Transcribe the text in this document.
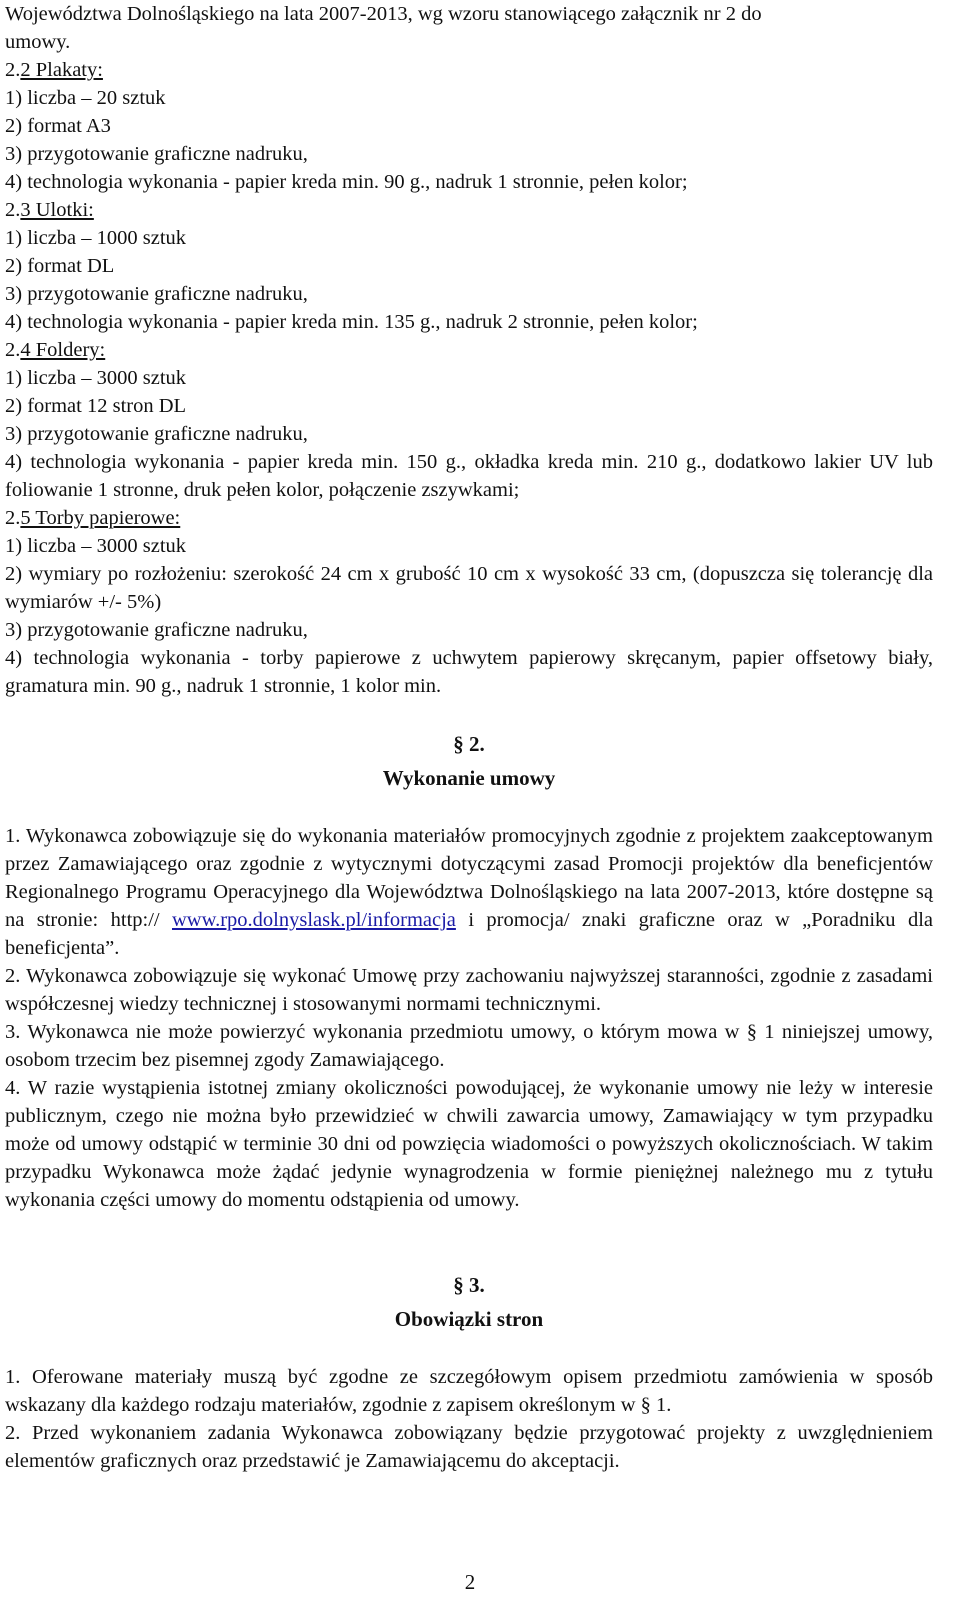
Województwa Dolnośląskiego na lata 2007-2013, wg wzoru stanowiącego załącznik nr 2 do
umowy.
2.2 Plakaty:
1) liczba – 20 sztuk
2) format A3
3) przygotowanie graficzne nadruku,
4) technologia wykonania - papier kreda min. 90 g., nadruk 1 stronnie, pełen kolor;
2.3 Ulotki:
1) liczba – 1000 sztuk
2) format DL
3) przygotowanie graficzne nadruku,
4) technologia wykonania - papier kreda min. 135 g., nadruk 2 stronnie, pełen kolor;
2.4 Foldery:
1) liczba – 3000 sztuk
2) format 12 stron DL
3) przygotowanie graficzne nadruku,
4) technologia wykonania - papier kreda min. 150 g., okładka kreda min. 210 g., dodatkowo lakier UV lub foliowanie 1 stronne, druk pełen kolor, połączenie zszywkami;
2.5 Torby papierowe:
1) liczba – 3000 sztuk
2) wymiary po rozłożeniu: szerokość 24 cm x grubość 10 cm x wysokość 33 cm, (dopuszcza się tolerancję dla wymiarów +/- 5%)
3) przygotowanie graficzne nadruku,
4) technologia wykonania - torby papierowe z uchwytem papierowy skręcanym, papier offsetowy biały, gramatura min. 90 g., nadruk 1 stronnie, 1 kolor min.
§ 2.
Wykonanie umowy
1. Wykonawca zobowiązuje się do wykonania materiałów promocyjnych zgodnie z projektem zaakceptowanym przez Zamawiającego oraz zgodnie z wytycznymi dotyczącymi zasad Promocji projektów dla beneficjentów Regionalnego Programu Operacyjnego dla Województwa Dolnośląskiego na lata 2007-2013, które dostępne są na stronie: http:// www.rpo.dolnyslask.pl/informacja i promocja/ znaki graficzne oraz w „Poradniku dla beneficjenta”.
2. Wykonawca zobowiązuje się wykonać Umowę przy zachowaniu najwyższej staranności, zgodnie z zasadami współczesnej wiedzy technicznej i stosowanymi normami technicznymi.
3. Wykonawca nie może powierzyć wykonania przedmiotu umowy, o którym mowa w § 1 niniejszej umowy, osobom trzecim bez pisemnej zgody Zamawiającego.
4. W razie wystąpienia istotnej zmiany okoliczności powodującej, że wykonanie umowy nie leży w interesie publicznym, czego nie można było przewidzieć w chwili zawarcia umowy, Zamawiający w tym przypadku może od umowy odstąpić w terminie 30 dni od powzięcia wiadomości o powyższych okolicznościach. W takim przypadku Wykonawca może żądać jedynie wynagrodzenia w formie pieniężnej należnego mu z tytułu wykonania części umowy do momentu odstąpienia od umowy.
§ 3.
Obowiązki stron
1. Oferowane materiały muszą być zgodne ze szczegółowym opisem przedmiotu zamówienia w sposób wskazany dla każdego rodzaju materiałów, zgodnie z zapisem określonym w § 1.
2. Przed wykonaniem zadania Wykonawca zobowiązany będzie przygotować projekty z uwzględnieniem elementów graficznych oraz przedstawić je Zamawiającemu do akceptacji.
2
